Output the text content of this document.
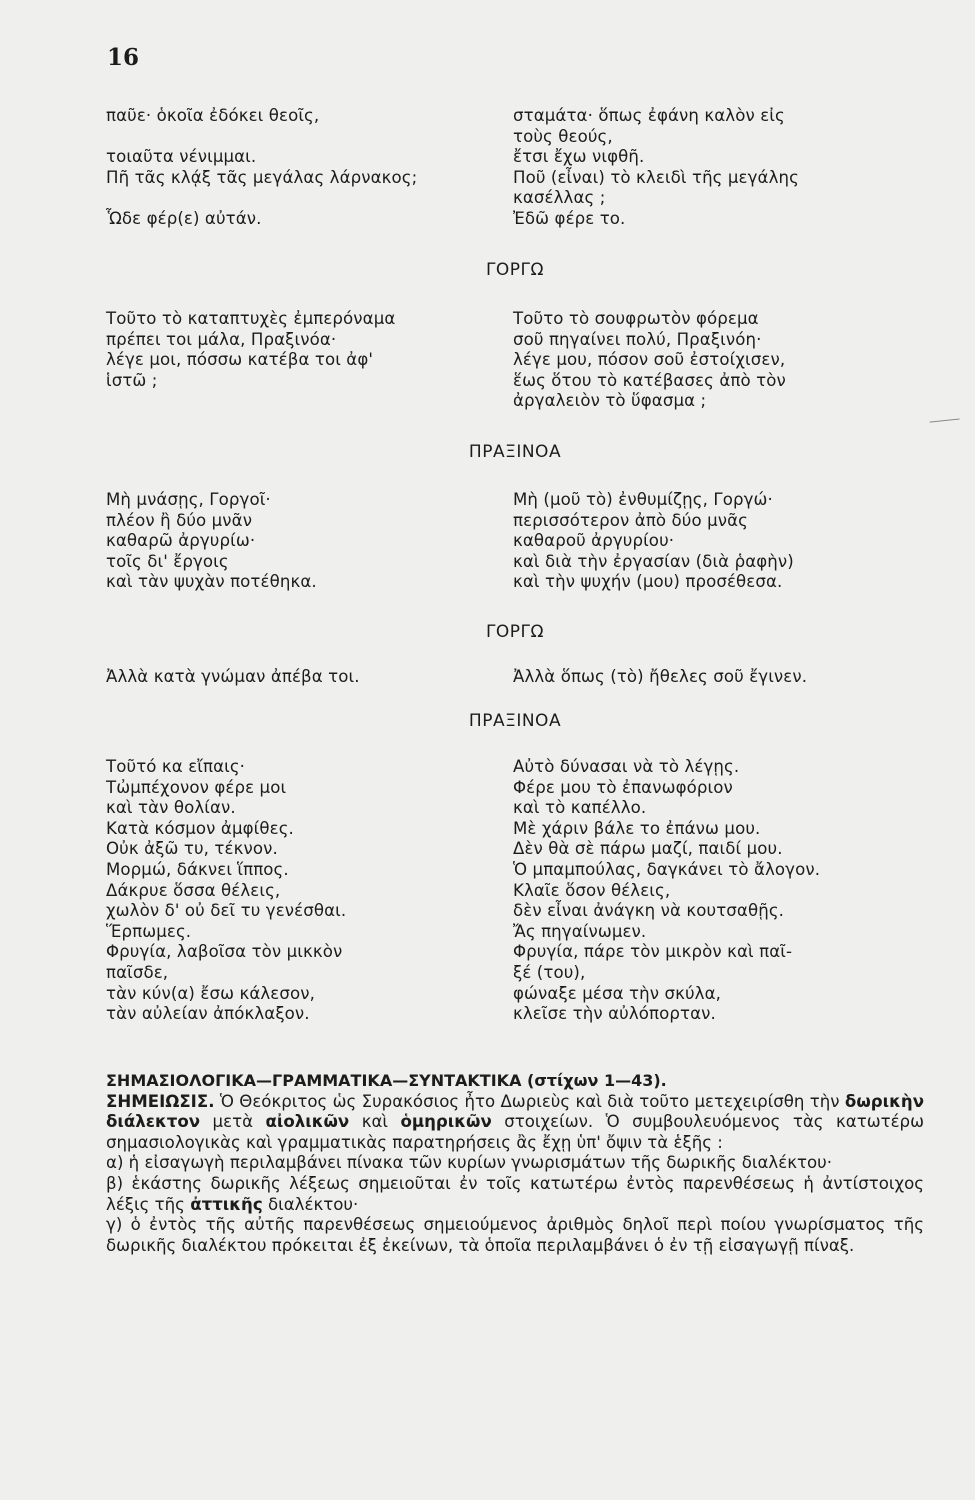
16
παῦε· ὁκοῖα ἐδόκει θεοῖς,

τοιαῦτα νένιμμαι.
Πῆ τᾶς κλᾴξ τᾶς μεγάλας λάρνακος;

Ὧδε φέρ(ε) αὐτάν.
σταμάτα· ὅπως ἐφάνη καλὸν εἰς
τοὺς θεούς,
ἔτσι ἔχω νιφθῆ.
Ποῦ (εἶναι) τὸ κλειδὶ τῆς μεγάλης
κασέλλας ;
Ἐδῶ φέρε το.
ΓΟΡΓΩ
Τοῦτο τὸ καταπτυχὲς ἐμπερόναμα
πρέπει τοι μάλα, Πραξινόα·
λέγε μοι, πόσσω κατέβα τοι ἀφ'
ἱστῶ ;
Τοῦτο τὸ σουφρωτὸν φόρεμα
σοῦ πηγαίνει πολύ, Πραξινόη·
λέγε μου, πόσον σοῦ ἐστοίχισεν,
ἕως ὅτου τὸ κατέβασες ἀπὸ τὸν
ἀργαλειὸν τὸ ὕφασμα ;
ΠΡΑΞΙΝΟΑ
Μὴ μνάσῃς, Γοργοῖ·
πλέον ἢ δύο μνᾶν
καθαρῶ ἀργυρίω·
τοῖς δι' ἔργοις
καὶ τὰν ψυχὰν ποτέθηκα.
Μὴ (μοῦ τὸ) ἐνθυμίζῃς, Γοργώ·
περισσότερον ἀπὸ δύο μνᾶς
καθαροῦ ἀργυρίου·
καὶ διὰ τὴν ἐργασίαν (διὰ ῥαφὴν)
καὶ τὴν ψυχήν (μου) προσέθεσα.
ΓΟΡΓΩ
Ἀλλὰ κατὰ γνώμαν ἀπέβα τοι.	Ἀλλὰ ὅπως (τὸ) ἤθελες σοῦ ἔγινεν.
ΠΡΑΞΙΝΟΑ
Τοῦτό κα εἴπαις·
Τὠμπέχονον φέρε μοι
καὶ τὰν θολίαν.
Κατὰ κόσμον ἀμφίθες.
Οὐκ ἀξῶ τυ, τέκνον.
Μορμώ, δάκνει ἵππος.
Δάκρυε ὅσσα θέλεις,
χωλὸν δ' οὐ δεῖ τυ γενέσθαι.
Ἕρπωμες.
Φρυγία, λαβοῖσα τὸν μικκὸν
παῖσδε,
τὰν κύν(α) ἔσω κάλεσον,
τὰν αὐλείαν ἀπόκλαξον.
Αὐτὸ δύνασαι νὰ τὸ λέγῃς.
Φέρε μου τὸ ἐπανωφόριον
καὶ τὸ καπέλλο.
Μὲ χάριν βάλε το ἐπάνω μου.
Δὲν θὰ σὲ πάρω μαζί, παιδί μου.
Ὁ μπαμπούλας, δαγκάνει τὸ ἄλογον.
Κλαῖε ὅσον θέλεις,
δὲν εἶναι ἀνάγκη νὰ κουτσαθῇς.
Ἄς πηγαίνωμεν.
Φρυγία, πάρε τὸν μικρὸν καὶ παῖ-
ξέ (του),
φώναξε μέσα τὴν σκύλα,
κλεῖσε τὴν αὐλόπορταν.

ΣΗΜΑΣΙΟΛΟΓΙΚΑ—ΓΡΑΜΜΑΤΙΚΑ—ΣΥΝΤΑΚΤΙΚΑ (στίχων 1—43).

ΣΗΜΕΙΩΣΙΣ. Ὁ Θεόκριτος ὡς Συρακόσιος ἦτο Δωριεὺς καὶ διὰ τοῦτο μετεχειρίσθη τὴν δωρικὴν διάλεκτον μετὰ αἰολικῶν καὶ ὁμηρικῶν στοιχείων. Ὁ συμβουλευόμενος τὰς κατωτέρω σημασιολογικὰς καὶ γραμματικὰς παρατηρήσεις ἂς ἔχῃ ὑπ' ὄψιν τὰ ἑξῆς :

α) ἡ εἰσαγωγὴ περιλαμβάνει πίνακα τῶν κυρίων γνωρισμάτων τῆς δωρικῆς διαλέκτου·

β) ἑκάστης δωρικῆς λέξεως σημειοῦται ἐν τοῖς κατωτέρω ἐντὸς παρενθέσεως ἡ ἀντίστοιχος λέξις τῆς ἀττικῆς διαλέκτου·

γ) ὁ ἐντὸς τῆς αὐτῆς παρενθέσεως σημειούμενος ἀριθμὸς δηλοῖ περὶ ποίου γνωρίσματος τῆς δωρικῆς διαλέκτου πρόκειται ἐξ ἐκείνων, τὰ ὁποῖα περιλαμβάνει ὁ ἐν τῇ εἰσαγωγῇ πίναξ.
